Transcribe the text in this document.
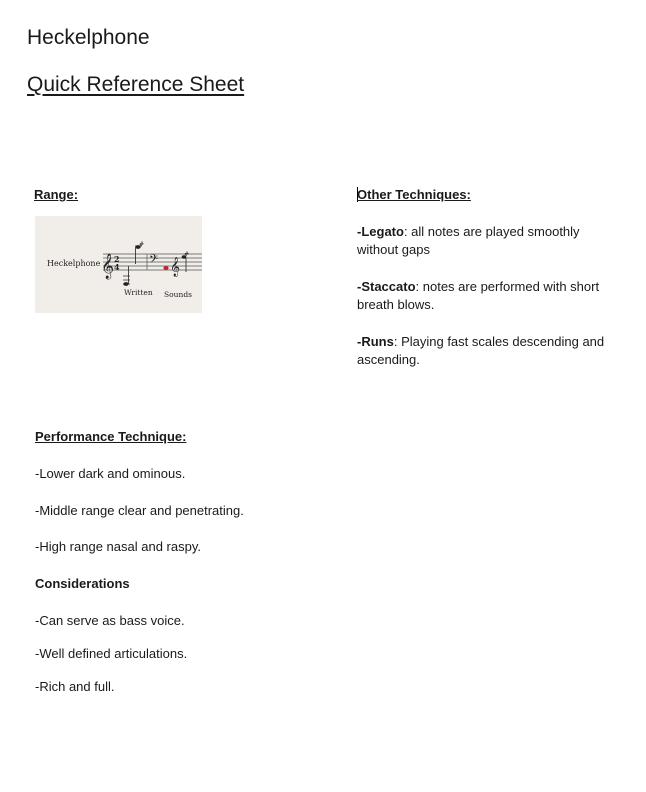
Heckelphone
Quick Reference Sheet

Range:

Heckelphone 𝄞 2
4
#
𝄢 𝄞
#
Written Sounds

Other Techniques:

-Legato: all notes are played smoothly without gaps

-Staccato: notes are performed with short breath blows.

-Runs: Playing fast scales descending and ascending.

Performance Technique:

-Lower dark and ominous.

-Middle range clear and penetrating.

-High range nasal and raspy.

Considerations

-Can serve as bass voice.

-Well defined articulations.

-Rich and full.
